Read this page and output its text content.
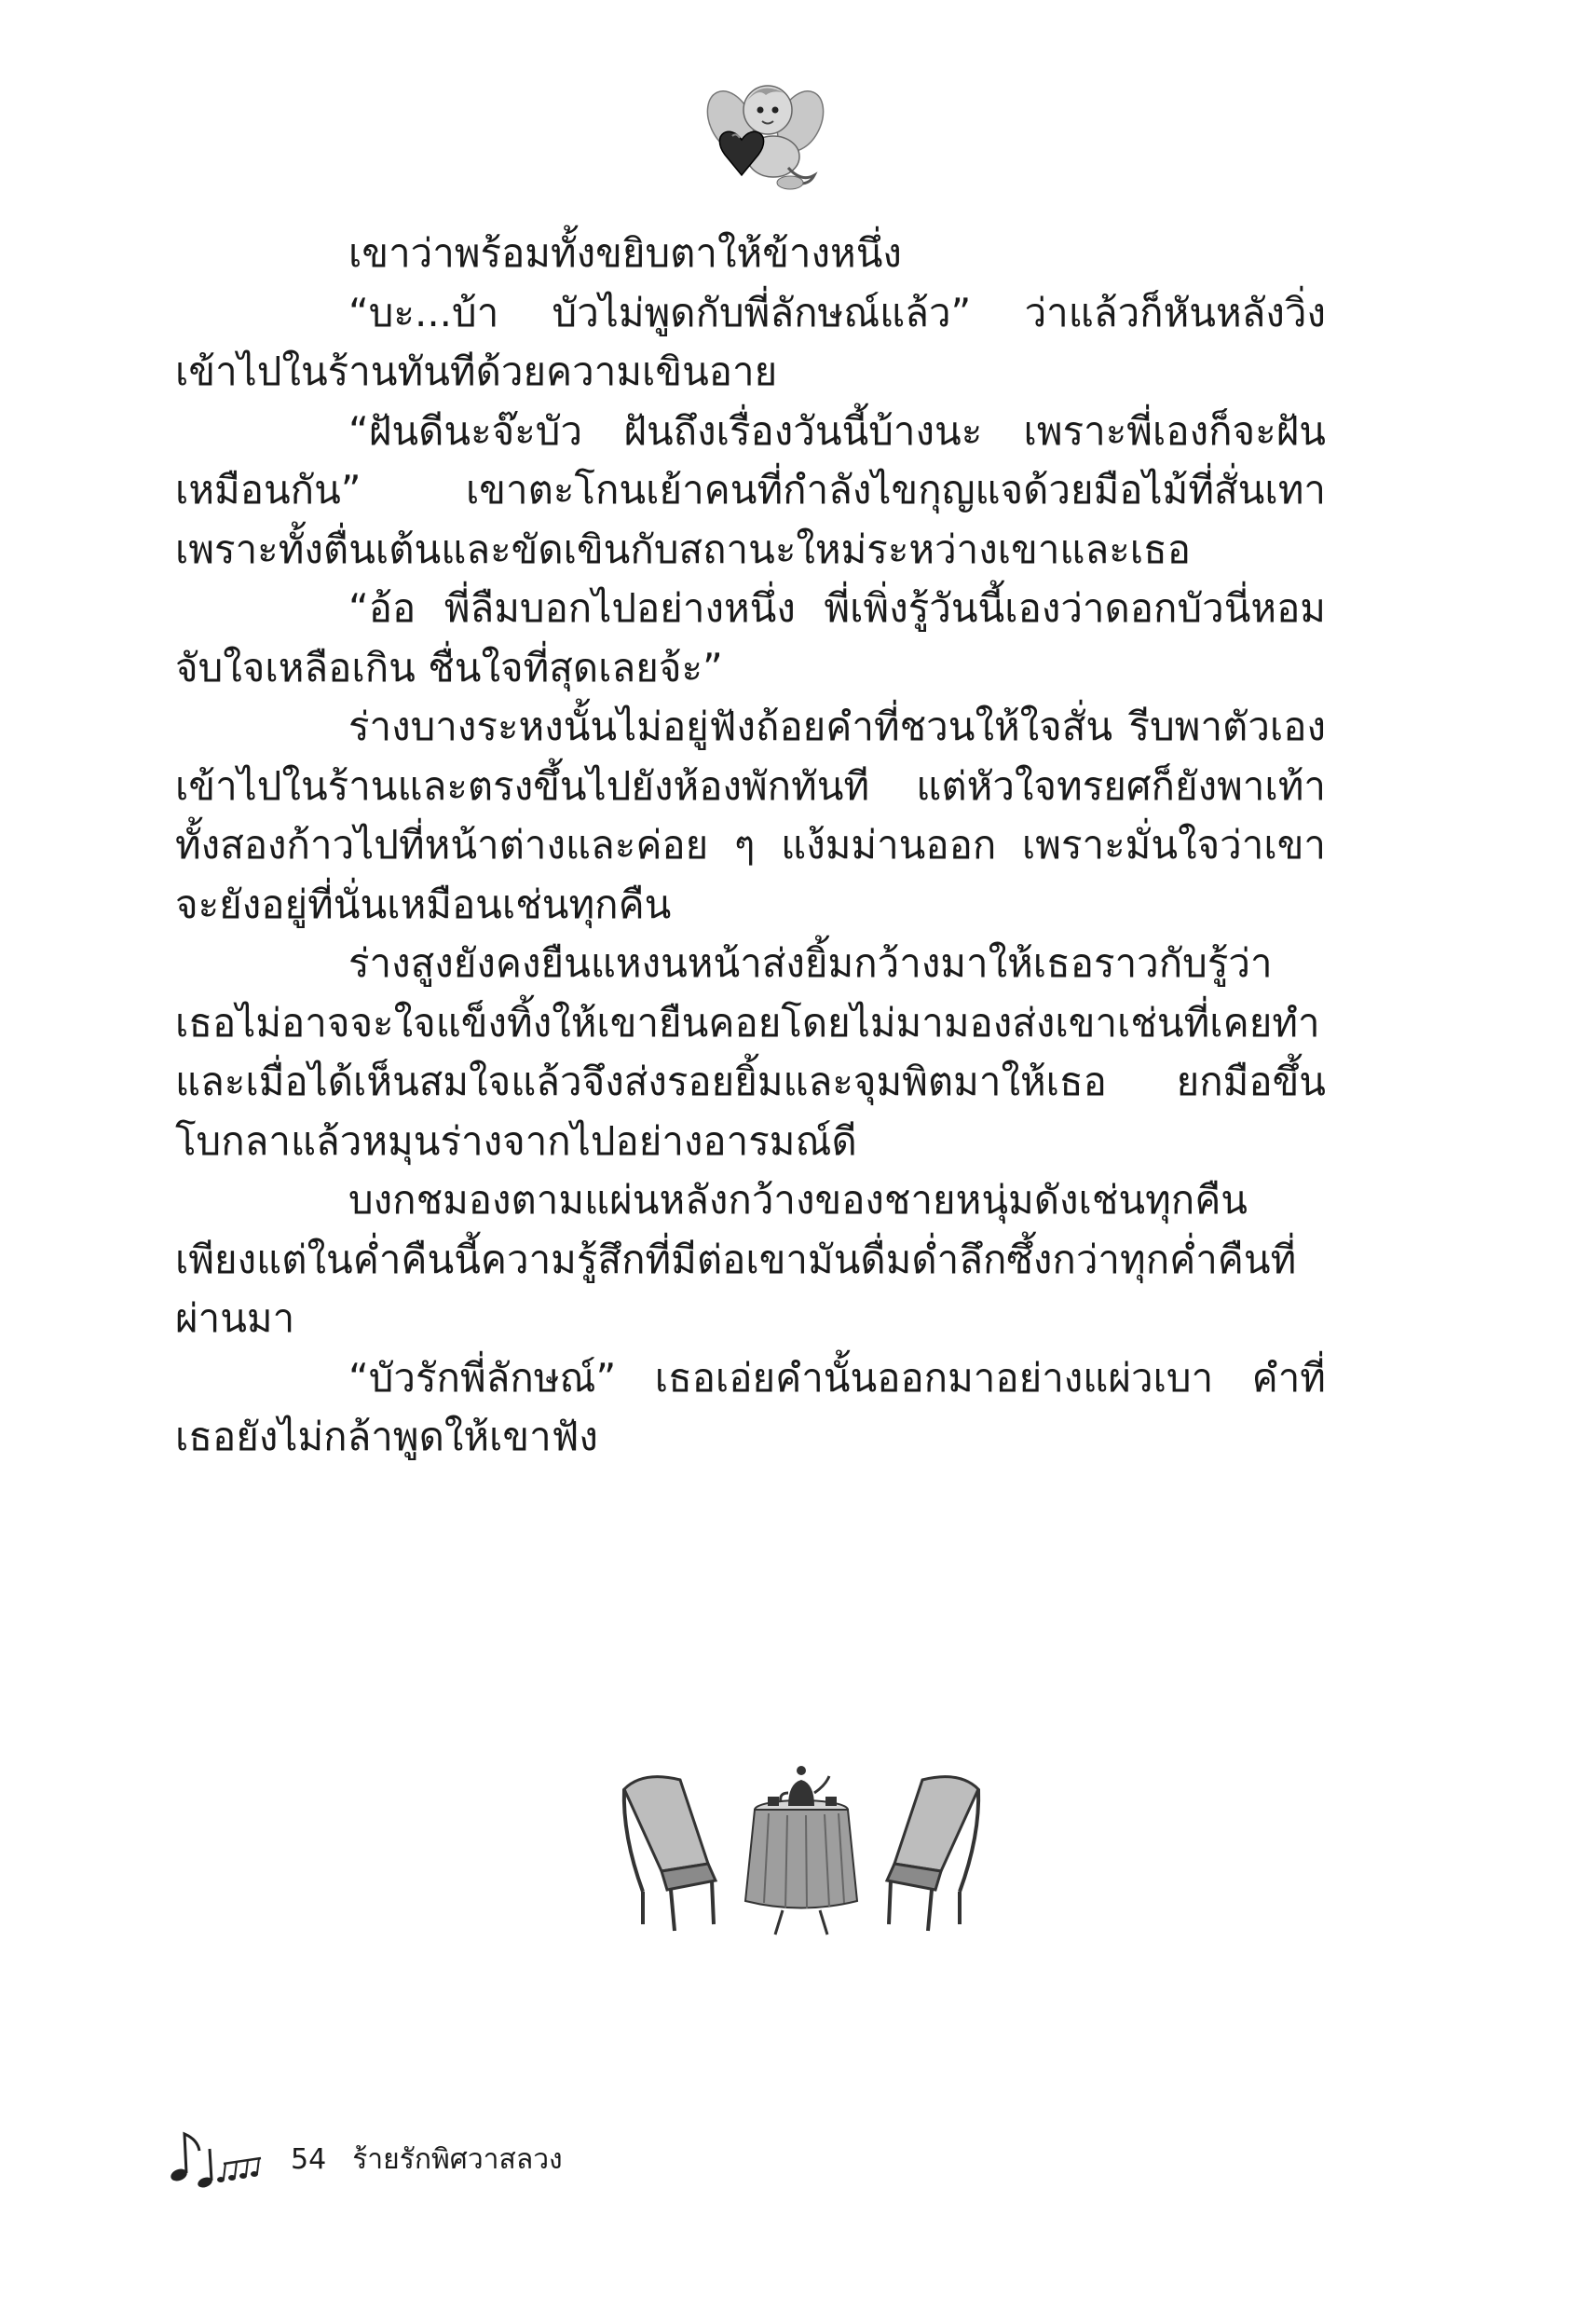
เขาว่าพร้อมทั้งขยิบตาให้ข้างหนึ่ง

“บะ...บ้า บัวไม่พูดกับพี่ลักษณ์แล้ว” ว่าแล้วก็หันหลังวิ่งเข้าไปในร้านทันทีด้วยความเขินอาย

“ฝันดีนะจ๊ะบัว ฝันถึงเรื่องวันนี้บ้างนะ เพราะพี่เองก็จะฝันเหมือนกัน” เขาตะโกนเย้าคนที่กำลังไขกุญแจด้วยมือไม้ที่สั่นเทาเพราะทั้งตื่นเต้นและขัดเขินกับสถานะใหม่ระหว่างเขาและเธอ

“อ้อ พี่ลืมบอกไปอย่างหนึ่ง พี่เพิ่งรู้วันนี้เองว่าดอกบัวนี่หอมจับใจเหลือเกิน ชื่นใจที่สุดเลยจ้ะ”

ร่างบางระหงนั้นไม่อยู่ฟังถ้อยคำที่ชวนให้ใจสั่น รีบพาตัวเองเข้าไปในร้านและตรงขึ้นไปยังห้องพักทันที แต่หัวใจทรยศก็ยังพาเท้าทั้งสองก้าวไปที่หน้าต่างและค่อย ๆ แง้มม่านออก เพราะมั่นใจว่าเขาจะยังอยู่ที่นั่นเหมือนเช่นทุกคืน

ร่างสูงยังคงยืนแหงนหน้าส่งยิ้มกว้างมาให้เธอราวกับรู้ว่าเธอไม่อาจจะใจแข็งทิ้งให้เขายืนคอยโดยไม่มามองส่งเขาเช่นที่เคยทำ และเมื่อได้เห็นสมใจแล้วจึงส่งรอยยิ้มและจุมพิตมาให้เธอ ยกมือขึ้นโบกลาแล้วหมุนร่างจากไปอย่างอารมณ์ดี

บงกชมองตามแผ่นหลังกว้างของชายหนุ่มดังเช่นทุกคืนเพียงแต่ในค่ำคืนนี้ความรู้สึกที่มีต่อเขามันดื่มด่ำลึกซึ้งกว่าทุกค่ำคืนที่ผ่านมา

“บัวรักพี่ลักษณ์” เธอเอ่ยคำนั้นออกมาอย่างแผ่วเบา คำที่เธอยังไม่กล้าพูดให้เขาฟัง

54 ร้ายรักพิศวาสลวง
